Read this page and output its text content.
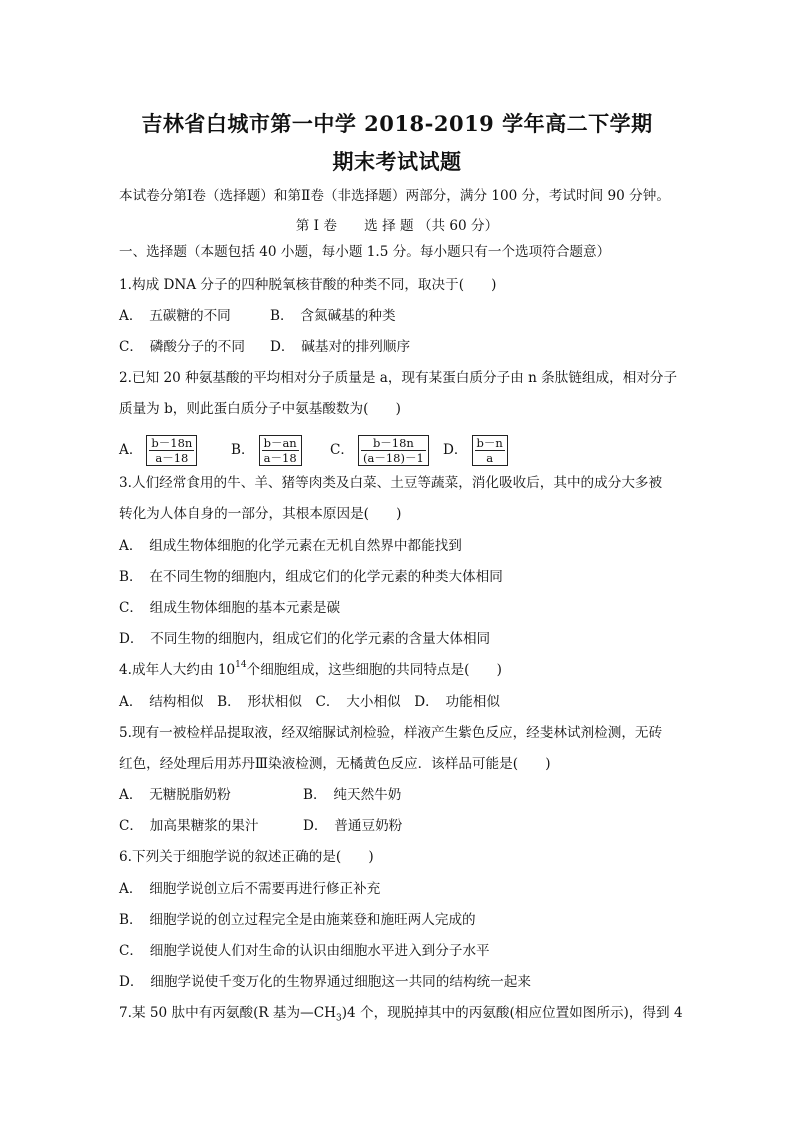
吉林省白城市第一中学 2018-2019 学年高二下学期
期末考试试题
本试卷分第Ⅰ卷（选择题）和第Ⅱ卷（非选择题）两部分，满分 100 分，考试时间 90 分钟。
第 Ⅰ 卷　　选 择 题 （共 60 分）
一、选择题（本题包括 40 小题，每小题 1.5 分。每小题只有一个选项符合题意）
1.构成 DNA 分子的四种脱氧核苷酸的种类不同，取决于(　　)
A．　五碳糖的不同	B．　含氮碱基的种类
C．　磷酸分子的不同 D．　碱基对的排列顺序
2.已知 20 种氨基酸的平均相对分子质量是 a，现有某蛋白质分子由 n 条肽链组成，相对分子
质量为 b，则此蛋白质分子中氨基酸数为(　　)
A． $\frac{b-18n}{a-18}$ B． $\frac{b-an}{a-18}$ C． $\frac{b-18n}{(a-18)-1}$ D． $\frac{b-n}{a}$
3.人们经常食用的牛、羊、猪等肉类及白菜、土豆等蔬菜，消化吸收后，其中的成分大多被
转化为人体自身的一部分，其根本原因是(　　)
A．　组成生物体细胞的化学元素在无机自然界中都能找到
B．　在不同生物的细胞内，组成它们的化学元素的种类大体相同
C．　组成生物体细胞的基本元素是碳
D．　不同生物的细胞内，组成它们的化学元素的含量大体相同
4.成年人大约由 $10^{14}$个细胞组成，这些细胞的共同特点是(　　)
A．　结构相似　B．　形状相似　C．　大小相似　D．　功能相似
5.现有一被检样品提取液，经双缩脲试剂检验，样液产生紫色反应，经斐林试剂检测，无砖
红色，经处理后用苏丹Ⅲ染液检测，无橘黄色反应．该样品可能是(　　)
A．　无糖脱脂奶粉	B．　纯天然牛奶
C．　加高果糖浆的果汁	D．　普通豆奶粉
6.下列关于细胞学说的叙述正确的是(　　)
A．　细胞学说创立后不需要再进行修正补充
B．　细胞学说的创立过程完全是由施莱登和施旺两人完成的
C．　细胞学说使人们对生命的认识由细胞水平进入到分子水平
D．　细胞学说使千变万化的生物界通过细胞这一共同的结构统一起来
7.某 50 肽中有丙氨酸(R 基为$—CH_3)4$ 个，现脱掉其中的丙氨酸(相应位置如图所示)，得到 4
